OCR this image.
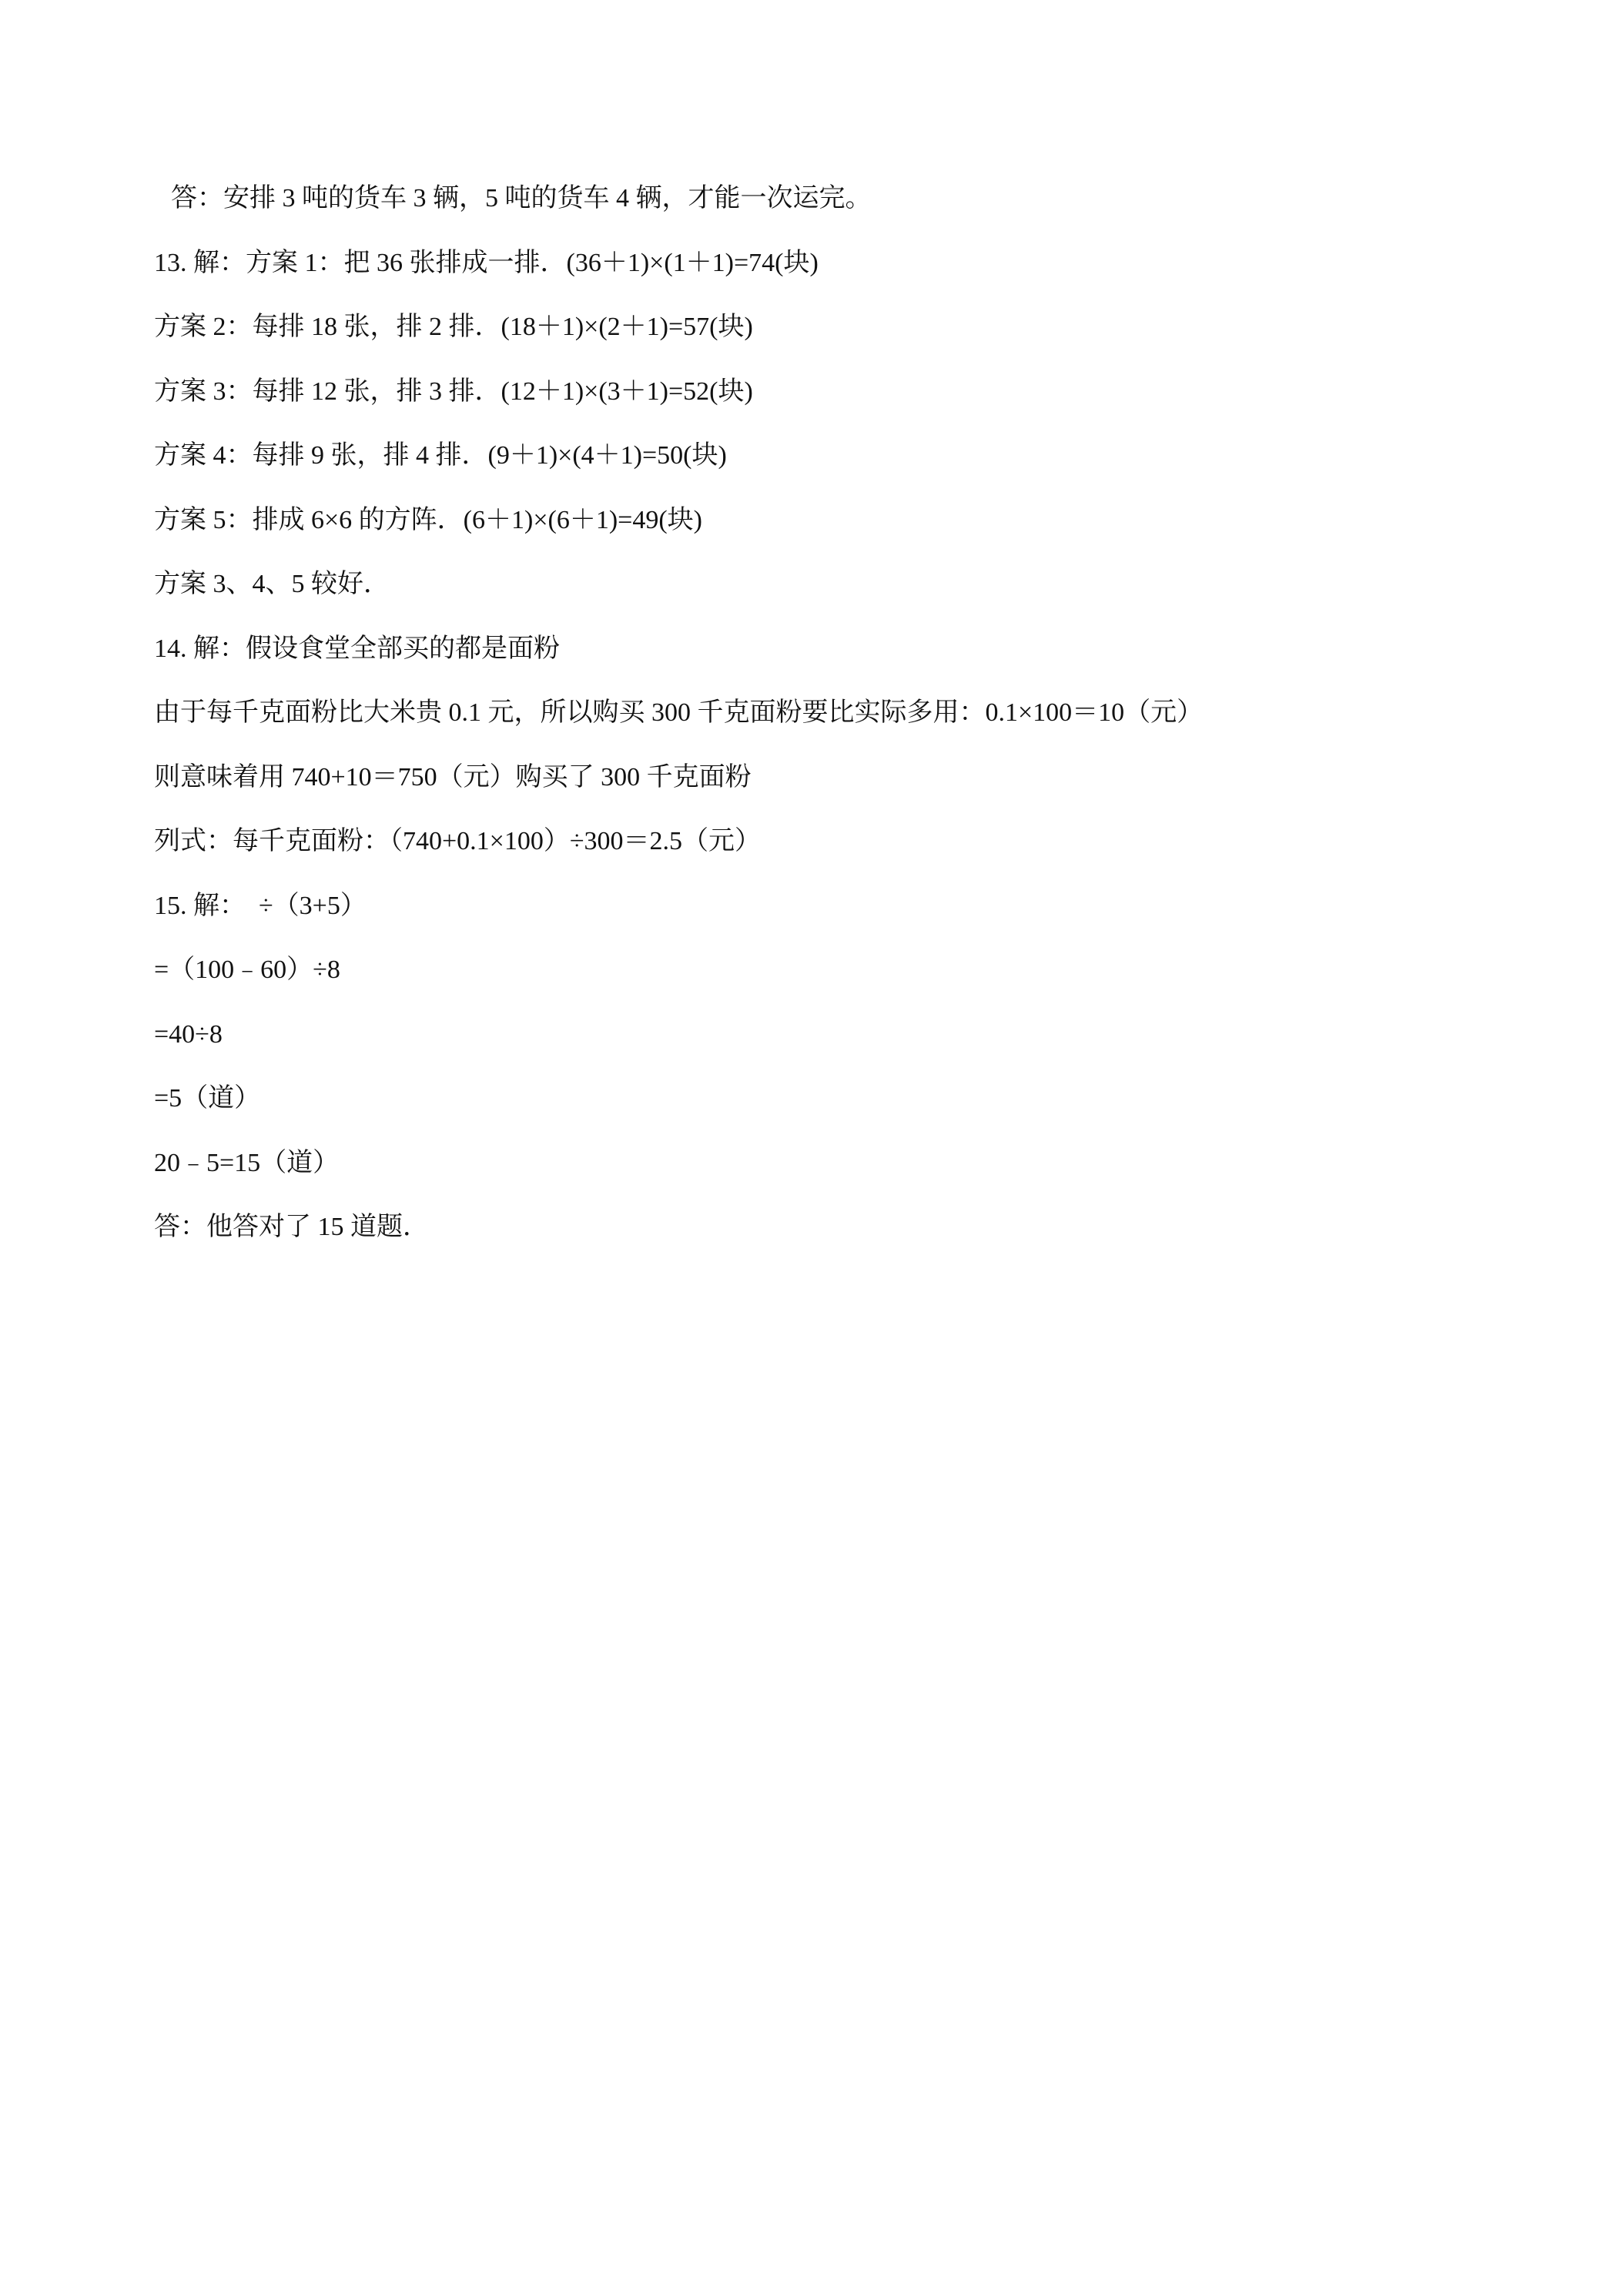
答：安排 3 吨的货车 3 辆，5 吨的货车 4 辆，才能一次运完。
13. 解：方案 1：把 36 张排成一排．(36＋1)×(1＋1)=74(块)
方案 2：每排 18 张，排 2 排．(18＋1)×(2＋1)=57(块)
方案 3：每排 12 张，排 3 排．(12＋1)×(3＋1)=52(块)
方案 4：每排 9 张，排 4 排．(9＋1)×(4＋1)=50(块)
方案 5：排成 6×6 的方阵．(6＋1)×(6＋1)=49(块)
方案 3、4、5 较好．
14. 解：假设食堂全部买的都是面粉
由于每千克面粉比大米贵 0.1 元，所以购买 300 千克面粉要比实际多用：0.1×100＝10（元）
则意味着用 740+10＝750（元）购买了 300 千克面粉
列式：每千克面粉：（740+0.1×100）÷300＝2.5（元）
15. 解：  ÷（3+5）
=（100﹣60）÷8
=40÷8
=5（道）
20﹣5=15（道）
答：他答对了 15 道题．
